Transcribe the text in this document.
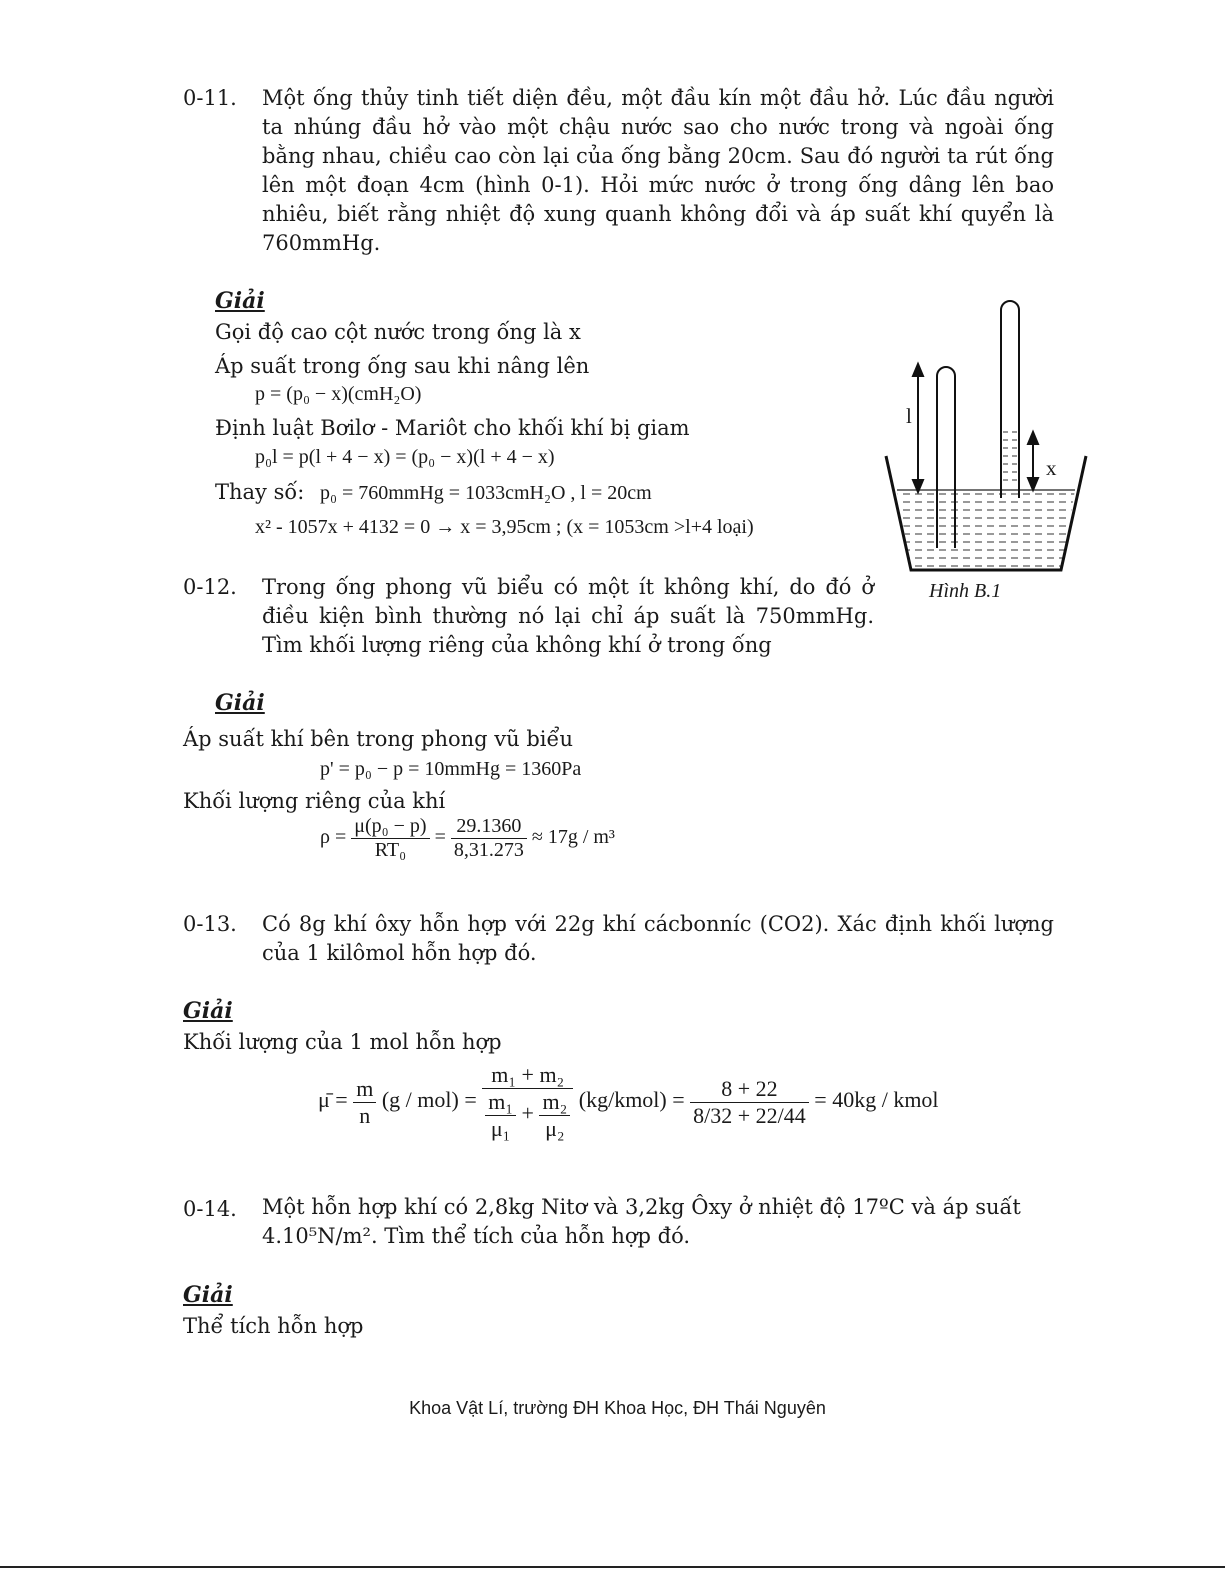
0-11. Một ống thủy tinh tiết diện đều, một đầu kín một đầu hở. Lúc đầu người ta nhúng đầu hở vào một chậu nước sao cho nước trong và ngoài ống bằng nhau, chiều cao còn lại của ống bằng 20cm. Sau đó người ta rút ống lên một đoạn 4cm (hình 0-1). Hỏi mức nước ở trong ống dâng lên bao nhiêu, biết rằng nhiệt độ xung quanh không đổi và áp suất khí quyển là 760mmHg.
Giải
Gọi độ cao cột nước trong ống là x
Áp suất trong ống sau khi nâng lên
p = (p₀ − x)(cmH₂O)
Định luật Bơilơ - Mariôt cho khối khí bị giam
p₀l = p(l + 4 − x) = (p₀ − x)(l + 4 − x)
Thay số: p₀ = 760mmHg = 1033cmH₂O , l = 20cm
x² - 1057x + 4132 = 0 → x = 3,95cm ; (x = 1053cm >l+4 loại)
l
x
Hình B.1
0-12. Trong ống phong vũ biểu có một ít không khí, do đó ở điều kiện bình thường nó lại chỉ áp suất là 750mmHg. Tìm khối lượng riêng của không khí ở trong ống
Giải
Áp suất khí bên trong phong vũ biểu
p' = p₀ − p = 10mmHg = 1360Pa
Khối lượng riêng của khí
$\rho = \frac{\text{μ(p₀ − p)}}{\text{RT₀}} = \frac{29.1360}{8,31.273} \approx 17g / m^3$
0-13. Có 8g khí ôxy hỗn hợp với 22g khí cácbonníc (CO2). Xác định khối lượng của 1 kilômol hỗn hợp đó.
Giải
Khối lượng của 1 mol hỗn hợp
μ̄ = $\frac{m}{n} (g / mol) = \frac{\text{m₁ + m₂}}{\frac{\text{m₁}}{\text{μ₁}} + \frac{\text{m₂}}{\text{μ₂}}}$ (kg/kmol) = $\frac{8 + 22}{8/32 + 22/44} = 40kg$ / kmol
0-14. Một hỗn hợp khí có 2,8kg Nitơ và 3,2kg Ôxy ở nhiệt độ 17ºC và áp suất
4.10⁵N/m². Tìm thể tích của hỗn hợp đó.
Giải
Thể tích hỗn hợp
Khoa Vật Lí, trường ĐH Khoa Học, ĐH Thái Nguyên
